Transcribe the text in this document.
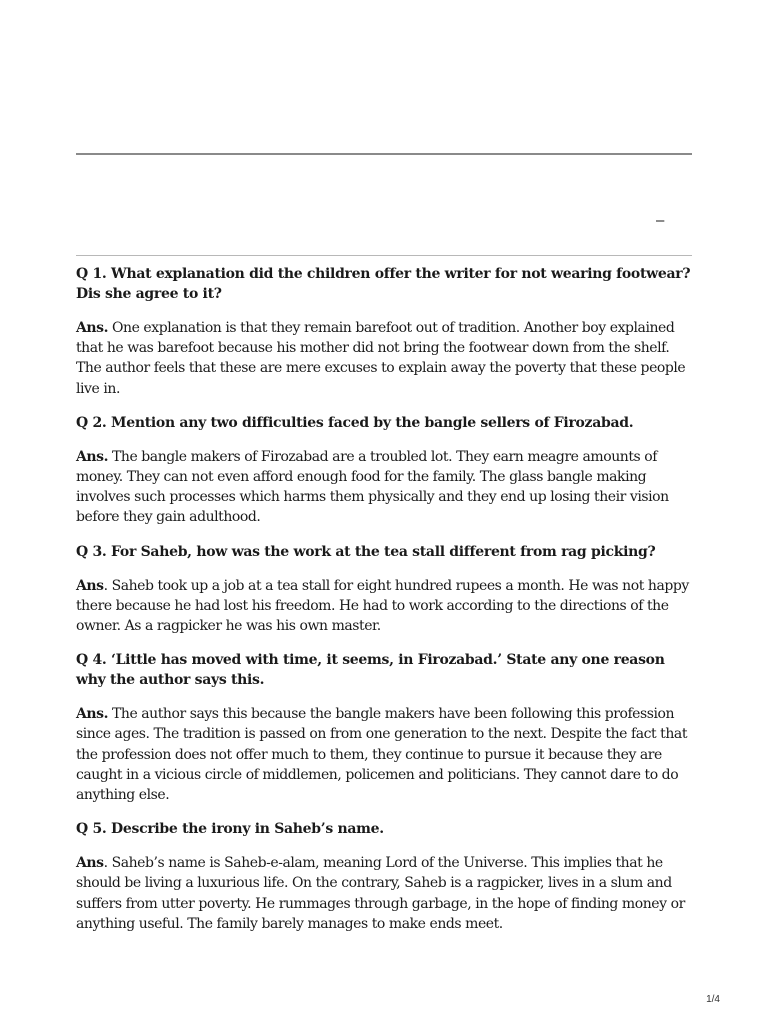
–

Q 1. What explanation did the children offer the writer for not wearing footwear? Dis she agree to it?

Ans. One explanation is that they remain barefoot out of tradition. Another boy explained that he was barefoot because his mother did not bring the footwear down from the shelf. The author feels that these are mere excuses to explain away the poverty that these people live in.

Q 2. Mention any two difficulties faced by the bangle sellers of Firozabad.

Ans. The bangle makers of Firozabad are a troubled lot. They earn meagre amounts of money. They can not even afford enough food for the family. The glass bangle making involves such processes which harms them physically and they end up losing their vision before they gain adulthood.

Q 3. For Saheb, how was the work at the tea stall different from rag picking?

Ans. Saheb took up a job at a tea stall for eight hundred rupees a month. He was not happy there because he had lost his freedom. He had to work according to the directions of the owner. As a ragpicker he was his own master.

Q 4. ‘Little has moved with time, it seems, in Firozabad.’ State any one reason why the author says this.

Ans. The author says this because the bangle makers have been following this profession since ages. The tradition is passed on from one generation to the next. Despite the fact that the profession does not offer much to them, they continue to pursue it because they are caught in a vicious circle of middlemen, policemen and politicians. They cannot dare to do anything else.

Q 5. Describe the irony in Saheb’s name.

Ans. Saheb’s name is Saheb-e-alam, meaning Lord of the Universe. This implies that he should be living a luxurious life. On the contrary, Saheb is a ragpicker, lives in a slum and suffers from utter poverty. He rummages through garbage, in the hope of finding money or anything useful. The family barely manages to make ends meet.

1/4
